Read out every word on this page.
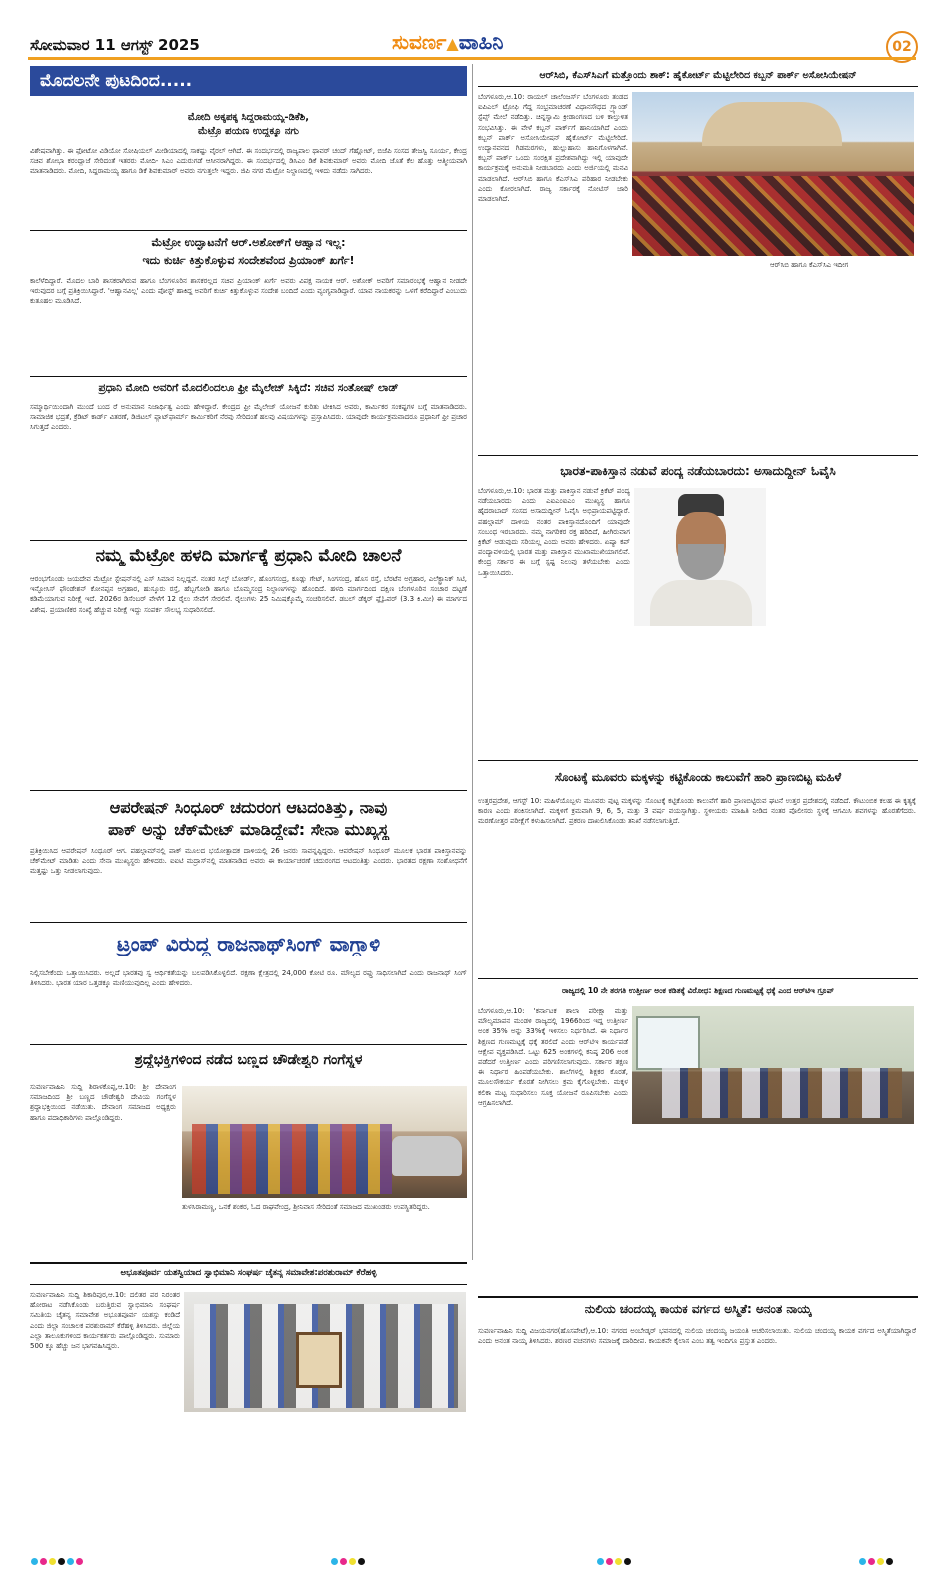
ಸೋಮವಾರ 11 ಆಗಸ್ಟ್ 2025	ಸುವರ್ಣ▲ವಾಹಿನಿ	02
ಮೊದಲನೇ ಪುಟದಿಂದ.....
ಮೋದಿ ಅಕ್ಕಪಕ್ಕ ಸಿದ್ದರಾಮಯ್ಯ-ಡಿಕೆಶಿ,
ಮೆಟ್ರೊ ಪಯಣ ಉದ್ದಕ್ಕೂ ನಗು
ವಿಶೇಷವಾಗಿತ್ತು. ಈ ಫೋಟೋ ವಿಡಿಯೋ ಸೋಷಿಯಲ್ ಮೀಡಿಯಾದಲ್ಲಿ ಸಾಕಷ್ಟು ವೈರಲ್ ಆಗಿದೆ. ಈ ಸಂದರ್ಭದಲ್ಲಿ ರಾಜ್ಯಪಾಲ ಥಾವರ್ ಚಂದ್ ಗೆಹ್ಲೋಟ್, ಬಿಜೆಪಿ ಸಂಸದ ತೇಜಸ್ವಿ ಸೂರ್ಯ, ಕೇಂದ್ರ ಸಚಿವ ಶೋಭಾ ಕರಂದ್ಲಾಜೆ ಸೇರಿದಂತೆ ಇತರರು ಮೋದಿ- ಸಿಎಂ ಎದುರುಗಡೆ ಆಸೀನರಾಗಿದ್ದರು. ಈ ಸಂದರ್ಭದಲ್ಲಿ ಡಿಸಿಎಂ ಡಿಕೆ ಶಿವಕುಮಾರ್ ಅವರು ಮೋದಿ ಜೊತೆ ಕೆಲ ಹೊತ್ತು ಆತ್ಮೀಯವಾಗಿ ಮಾತನಾಡಿದರು. ಮೋದಿ, ಸಿದ್ದರಾಮಯ್ಯ ಹಾಗೂ ಡಿಕೆ ಶಿವಕುಮಾರ್ ಅವರು ನಗುತ್ತಲೇ ಇದ್ದರು. ಜಿಪಿ ನಗರ ಮೆಟ್ರೋ ನಿಲ್ದಾಣದಲ್ಲಿ ಇಳಿದು ನಡೆದು ಸಾಗಿದರು.
ಮೆಟ್ರೋ ಉದ್ಘಾಟನೆಗೆ ಆರ್.ಅಶೋಕ್‌ಗೆ ಆಹ್ವಾನ ಇಲ್ಲ:
ಇದು ಕುರ್ಚಿ ಕಿತ್ತುಕೊಳ್ಳುವ ಸಂದೇಶವೆಂದ ಪ್ರಿಯಾಂಕ್ ಖರ್ಗೆ!
ಕಾಲೆಳೆದಿದ್ದಾರೆ. ಮೊದಲ ಬಾರಿ ಶಾಸಕರಾಗಿರುವ ಹಾಗೂ ಬೆಂಗಳೂರಿನ ಶಾಸಕರಲ್ಲದ ಸಚಿವ ಪ್ರಿಯಾಂಕ್ ಖರ್ಗೆ ಅವರು ವಿಪಕ್ಷ ನಾಯಕ ಆರ್. ಅಶೋಕ್ ಅವರಿಗೆ ಸಮಾರಂಭಕ್ಕೆ ಆಹ್ವಾನ ನೀಡದೇ ಇರುವುದರ ಬಗ್ಗೆ ಪ್ರತಿಕ್ರಿಯಿಸಿದ್ದಾರೆ. 'ಆಹ್ವಾನವಿಲ್ಲ' ಎಂದು ಪೋಸ್ಟ್ ಹಾಕಿದ್ದ ಅವರಿಗೆ ಕುರ್ಚಿ ಕಿತ್ತುಕೊಳ್ಳುವ ಸಂದೇಶ ಬಂದಿದೆ ಎಂದು ವ್ಯಂಗ್ಯವಾಡಿದ್ದಾರೆ. ಯಾವ ನಾಯಕರನ್ನು ಒಳಗೆ ಕರೆದಿದ್ದಾರೆ ಎಂಬುದು ಕುತೂಹಲ ಮೂಡಿಸಿದೆ.
ಪ್ರಧಾನಿ ಮೋದಿ ಅವರಿಗೆ ಮೊದಲಿಂದಲೂ ಫ್ರೀ ಮೈಲೇಜ್ ಸಿಕ್ಕಿದೆ: ಸಚಿವ ಸಂತೋಷ್ ಲಾಡ್
ಸಮ್ಮಾರ್ಥಿಯಿಂದಾಗಿ ಮುಂದೆ ಬಂದ ರೆ ಅನುಮಾನ ನಿಜಾರ್ಥಿತ್ವ ಎಂದು ಹೇಳಿದ್ದಾರೆ. ಕೇಂದ್ರದ ಫ್ರೀ ಮೈಲೇಜ್ ಯೋಜನೆ ಕುರಿತು ಟೀಕಿಸಿದ ಅವರು, ಕಾರ್ಮಿಕರ ಸಂಕಷ್ಟಗಳ ಬಗ್ಗೆ ಮಾತನಾಡಿದರು. ಸಾಮಾಜಿಕ ಭದ್ರತೆ, ಕ್ರೆಡಿಟ್ ಕಾರ್ಡ್ ವಿತರಣೆ, ಡಿಜಿಟಲ್ ಪ್ಲಾಟ್‌ಫಾರ್ಮ್ ಕಾರ್ಮಿಕರಿಗೆ ನೆರವು ಸೇರಿದಂತೆ ಹಲವು ವಿಷಯಗಳನ್ನು ಪ್ರಸ್ತಾಪಿಸಿದರು. ಯಾವುದೇ ಕಾರ್ಯಕ್ರಮವಾದರೂ ಪ್ರಧಾನಿಗೆ ಫ್ರೀ ಪ್ರಚಾರ ಸಿಗುತ್ತದೆ ಎಂದರು.
ನಮ್ಮ ಮೆಟ್ರೋ ಹಳದಿ ಮಾರ್ಗಕ್ಕೆ ಪ್ರಧಾನಿ ಮೋದಿ ಚಾಲನೆ
ಆರಂಭಗೊಂಡು ಜಯದೇವ ಮೆಟ್ರೋ ಸ್ಟೇಷನ್‌ನಲ್ಲಿ ಎಸ್ ಸಿಮಾನ ನಿಲ್ಲದ್ದವೆ. ನಂತರ ಸಿಲ್ಕ್ ಬೋರ್ಡ್, ಹೊಂಗಸಂದ್ರ, ಕೂಡ್ಲು ಗೇಟ್, ಸಿಂಗಸಂದ್ರ, ಹೊಸ ರಸ್ತೆ, ಬೆರಟೆನ ಅಗ್ರಹಾರ, ಎಲೆಕ್ಟ್ರಾನಿಕ್ ಸಿಟಿ, ಇನ್ಫೋಸಿಸ್ ಫೌಂಡೇಶನ್ ಕೋನಪ್ಪನ ಅಗ್ರಹಾರ, ಹುಸ್ಕೂರು ರಸ್ತೆ, ಹೆಬ್ಬಗೋಡಿ ಹಾಗೂ ಬೊಮ್ಮಸಂದ್ರ ನಿಲ್ದಾಣಗಳನ್ನು ಹೊಂದಿದೆ. ಹಳದಿ ಮಾರ್ಗದಿಂದ ದಕ್ಷಿಣ ಬೆಂಗಳೂರಿನ ಸಂಚಾರ ದಟ್ಟಣೆ ಕಡಿಮೆಯಾಗುವ ನಿರೀಕ್ಷೆ ಇದೆ. 2026ರ ಡಿಸೆಂಬರ್ ವೇಳೆಗೆ 12 ರೈಲು ಸೇವೆಗೆ ಸೇರಲಿವೆ. ರೈಲುಗಳು 25 ನಿಮಿಷಕ್ಕೊಮ್ಮೆ ಸಂಚರಿಸಲಿವೆ. ಡಬಲ್ ಡೆಕ್ಕರ್ ಫ್ಲೈಓವರ್ (3.3 ಕಿ.ಮೀ) ಈ ಮಾರ್ಗದ ವಿಶೇಷ. ಪ್ರಯಾಣಿಕರ ಸಂಖ್ಯೆ ಹೆಚ್ಚುವ ನಿರೀಕ್ಷೆ ಇದ್ದು ಸಂಪರ್ಕ ಸೌಲಭ್ಯ ಸುಧಾರಿಸಲಿದೆ.
ಆಪರೇಷನ್ ಸಿಂಧೂರ್ ಚದುರಂಗ ಆಟದಂತಿತ್ತು, ನಾವು
ಪಾಕ್ ಅನ್ನು ಚೆಕ್‌ಮೇಟ್ ಮಾಡಿದ್ದೇವೆ: ಸೇನಾ ಮುಖ್ಯಸ್ಥ
ಪ್ರತಿಕ್ರಿಯಿಸಿದ ಆಪರೇಷನ್ ಸಿಂಧೂರ್ ಆಗ. ಪಹಲ್ಗಾಮ್‌ನಲ್ಲಿ ಪಾಕ್ ಮೂಲದ ಭಯೋತ್ಪಾದಕ ದಾಳಿಯಲ್ಲಿ 26 ಜನರು ಸಾವನ್ನಪ್ಪಿದ್ದರು. ಆಪರೇಷನ್ ಸಿಂಧೂರ್ ಮೂಲಕ ಭಾರತ ಪಾಕಿಸ್ತಾನವನ್ನು ಚೆಕ್‌ಮೇಟ್ ಮಾಡಿತು ಎಂದು ಸೇನಾ ಮುಖ್ಯಸ್ಥರು ಹೇಳಿದರು. ಐಐಟಿ ಮದ್ರಾಸ್‌ನಲ್ಲಿ ಮಾತನಾಡಿದ ಅವರು ಈ ಕಾರ್ಯಾಚರಣೆ ಚದುರಂಗದ ಆಟದಂತಿತ್ತು ಎಂದರು. ಭಾರತದ ರಕ್ಷಣಾ ಸಂಶೋಧನೆಗೆ ಮತ್ತಷ್ಟು ಒತ್ತು ನೀಡಲಾಗುವುದು.
ಟ್ರಂಪ್ ವಿರುದ್ಧ ರಾಜನಾಥ್‌ಸಿಂಗ್ ವಾಗ್ದಾಳಿ
ನಿಲ್ಲಿಸಬೇಕೆಂದು ಒತ್ತಾಯಿಸಿದರು. ಅಲ್ಲದೆ ಭಾರತವು ಸ್ವ ಆರ್ಥಿಕತೆಯನ್ನು ಬಲಪಡಿಸಿಕೊಳ್ಳಲಿದೆ. ರಕ್ಷಣಾ ಕ್ಷೇತ್ರದಲ್ಲಿ 24,000 ಕೋಟಿ ರೂ. ಮೌಲ್ಯದ ರಫ್ತು ಸಾಧಿಸಲಾಗಿದೆ ಎಂದು ರಾಜನಾಥ್ ಸಿಂಗ್ ತಿಳಿಸಿದರು. ಭಾರತ ಯಾರ ಒತ್ತಡಕ್ಕೂ ಮಣಿಯುವುದಿಲ್ಲ ಎಂದು ಹೇಳಿದರು.
ಶ್ರದ್ಧೆಭಕ್ತಿಗಳಿಂದ ನಡೆದ ಬಣ್ಣದ ಚೌಡೇಶ್ವರಿ ಗಂಗೆಸ್ನಳ
ಸುವರ್ಣವಾಹಿನಿ ಸುದ್ದಿ ಶಿರಾಳಕೊಪ್ಪ,ಆ.10: ಶ್ರೀ ದೇವಾಂಗ ಸಮಾಜದಿಂದ ಶ್ರೀ ಬಣ್ಣದ ಚೌಡೇಶ್ವರಿ ದೇವಿಯ ಗಂಗೆಸ್ನಳ ಶ್ರದ್ಧಾಭಕ್ತಿಯಿಂದ ನಡೆಯಿತು. ದೇವಾಂಗ ಸಮಾಜದ ಅಧ್ಯಕ್ಷರು ಹಾಗೂ ಪದಾಧಿಕಾರಿಗಳು ಪಾಲ್ಗೊಂಡಿದ್ದರು.
ತುಳಸಿರಾಮಣ್ಣ, ಒನಕೆ ಶಂಕರ, ಓದ ರಾಘವೇಂದ್ರ, ಶ್ರೀನಿವಾಸ ಸೇರಿದಂತೆ ಸಮಾಜದ ಮುಖಂಡರು ಉಪಸ್ಥಿತರಿದ್ದರು.
ಆರ್‌ಸಿಬಿ, ಕೆಎಸ್‌ಸಿಎಗೆ ಮತ್ತೊಂದು ಶಾಕ್: ಹೈಕೋರ್ಟ್ ಮೆಟ್ಟಿಲೇರಿದ ಕಬ್ಬನ್ ಪಾರ್ಕ್ ಅಸೋಸಿಯೇಷನ್
ಬೆಂಗಳೂರು,ಆ.10: ರಾಯಲ್ ಚಾಲೆಂಜರ್ಸ್ ಬೆಂಗಳೂರು ತಂಡದ ಐಪಿಎಲ್ ಟ್ರೋಫಿ ಗೆದ್ದ ಸಂಭ್ರಮಾಚರಣೆ ವಿಧಾನಸೌಧದ ಗ್ರ್ಯಾಂಡ್ ಸ್ಟೆಪ್ಸ್ ಮೇಲೆ ನಡೆದಿತ್ತು. ಚಿನ್ನಸ್ವಾಮಿ ಕ್ರೀಡಾಂಗಣದ ಬಳಿ ಕಾಲ್ತುಳಿತ ಸಂಭವಿಸಿತ್ತು. ಈ ವೇಳೆ ಕಬ್ಬನ್ ಪಾರ್ಕ್‌ಗೆ ಹಾನಿಯಾಗಿದೆ ಎಂದು ಕಬ್ಬನ್ ಪಾರ್ಕ್ ಅಸೋಸಿಯೇಷನ್ ಹೈಕೋರ್ಟ್ ಮೆಟ್ಟಿಲೇರಿದೆ. ಉದ್ಯಾನವನದ ಗಿಡಮರಗಳು, ಹುಲ್ಲುಹಾಸು ಹಾನಿಗೊಳಗಾಗಿವೆ. ಕಬ್ಬನ್ ಪಾರ್ಕ್ ಒಂದು ಸಂರಕ್ಷಿತ ಪ್ರದೇಶವಾಗಿದ್ದು ಇಲ್ಲಿ ಯಾವುದೇ ಕಾರ್ಯಕ್ರಮಕ್ಕೆ ಅನುಮತಿ ನೀಡಬಾರದು ಎಂದು ಅರ್ಜಿಯಲ್ಲಿ ಮನವಿ ಮಾಡಲಾಗಿದೆ. ಆರ್‌ಸಿಬಿ ಹಾಗೂ ಕೆಎಸ್‌ಸಿಎ ಪರಿಹಾರ ನೀಡಬೇಕು ಎಂದು ಕೋರಲಾಗಿದೆ. ರಾಜ್ಯ ಸರ್ಕಾರಕ್ಕೆ ನೋಟಿಸ್ ಜಾರಿ ಮಾಡಲಾಗಿದೆ.
ಆರ್‌ಸಿಬಿ ಹಾಗೂ ಕೆಎಸ್‌ಸಿಎ ಇದೀಗ
ಭಾರತ-ಪಾಕಿಸ್ತಾನ ನಡುವೆ ಪಂದ್ಯ ನಡೆಯಬಾರದು: ಅಸಾದುದ್ದೀನ್ ಓವೈಸಿ
ಬೆಂಗಳೂರು,ಆ.10: ಭಾರತ ಮತ್ತು ಪಾಕಿಸ್ತಾನ ನಡುವೆ ಕ್ರಿಕೆಟ್ ಪಂದ್ಯ ನಡೆಯಬಾರದು ಎಂದು ಎಐಎಂಐಎಂ ಮುಖ್ಯಸ್ಥ ಹಾಗೂ ಹೈದರಾಬಾದ್ ಸಂಸದ ಅಸಾದುದ್ದೀನ್ ಓವೈಸಿ ಅಭಿಪ್ರಾಯಪಟ್ಟಿದ್ದಾರೆ. ಪಹಲ್ಗಾಮ್ ದಾಳಿಯ ನಂತರ ಪಾಕಿಸ್ತಾನದೊಂದಿಗೆ ಯಾವುದೇ ಸಂಬಂಧ ಇರಬಾರದು. ನಮ್ಮ ನಾಗರಿಕರ ರಕ್ತ ಹರಿದಿದೆ, ಹೀಗಿರುವಾಗ ಕ್ರಿಕೆಟ್ ಆಡುವುದು ಸರಿಯಲ್ಲ ಎಂದು ಅವರು ಹೇಳಿದರು. ಏಷ್ಯಾ ಕಪ್ ಪಂದ್ಯಾವಳಿಯಲ್ಲಿ ಭಾರತ ಮತ್ತು ಪಾಕಿಸ್ತಾನ ಮುಖಾಮುಖಿಯಾಗಲಿವೆ. ಕೇಂದ್ರ ಸರ್ಕಾರ ಈ ಬಗ್ಗೆ ಸ್ಪಷ್ಟ ನಿಲುವು ತಳೆಯಬೇಕು ಎಂದು ಒತ್ತಾಯಿಸಿದರು.
ಸೊಂಟಕ್ಕೆ ಮೂವರು ಮಕ್ಕಳನ್ನು ಕಟ್ಟಿಕೊಂಡು ಕಾಲುವೆಗೆ ಹಾರಿ ಪ್ರಾಣಬಿಟ್ಟ ಮಹಿಳೆ
ಉತ್ತರಪ್ರದೇಶ, ಆಗಸ್ಟ್ 10: ಮಹಿಳೆಯೊಬ್ಬಳು ಮೂವರು ಪುಟ್ಟ ಮಕ್ಕಳನ್ನು ಸೊಂಟಕ್ಕೆ ಕಟ್ಟಿಕೊಂಡು ಕಾಲುವೆಗೆ ಹಾರಿ ಪ್ರಾಣಬಿಟ್ಟಿರುವ ಘಟನೆ ಉತ್ತರ ಪ್ರದೇಶದಲ್ಲಿ ನಡೆದಿದೆ. ಕೌಟುಂಬಿಕ ಕಲಹ ಈ ಕೃತ್ಯಕ್ಕೆ ಕಾರಣ ಎಂದು ಶಂಕಿಸಲಾಗಿದೆ. ಮಕ್ಕಳಿಗೆ ಕ್ರಮವಾಗಿ 9, 6, 5, ಮತ್ತು 3 ವರ್ಷ ವಯಸ್ಸಾಗಿತ್ತು. ಸ್ಥಳೀಯರು ಮಾಹಿತಿ ನೀಡಿದ ನಂತರ ಪೊಲೀಸರು ಸ್ಥಳಕ್ಕೆ ಆಗಮಿಸಿ ಶವಗಳನ್ನು ಹೊರತೆಗೆದರು. ಮರಣೋತ್ತರ ಪರೀಕ್ಷೆಗೆ ಕಳುಹಿಸಲಾಗಿದೆ. ಪ್ರಕರಣ ದಾಖಲಿಸಿಕೊಂಡು ತನಿಖೆ ನಡೆಸಲಾಗುತ್ತಿದೆ.
ರಾಜ್ಯದಲ್ಲಿ 10 ನೇ ತರಗತಿ ಉತ್ತೀರ್ಣ ಅಂಕ ಕಡಿತಕ್ಕೆ ವಿರೋಧ: ಶಿಕ್ಷಣದ ಗುಣಮಟ್ಟಕ್ಕೆ ಧಕ್ಕೆ ಎಂದ ಆರ್‌ಟಿಇ ಗ್ರೂಪ್
ಬೆಂಗಳೂರು,ಆ.10: 'ಕರ್ನಾಟಕ ಶಾಲಾ ಪರೀಕ್ಷಾ ಮತ್ತು ಮೌಲ್ಯಮಾಪನ ಮಂಡಳಿ ರಾಜ್ಯದಲ್ಲಿ 1966ರಿಂದ ಇದ್ದ ಉತ್ತೀರ್ಣ ಅಂಕ 35% ಅನ್ನು 33%ಕ್ಕೆ ಇಳಿಸಲು ನಿರ್ಧರಿಸಿದೆ. ಈ ನಿರ್ಧಾರ ಶಿಕ್ಷಣದ ಗುಣಮಟ್ಟಕ್ಕೆ ಧಕ್ಕೆ ತರಲಿದೆ ಎಂದು ಆರ್‌ಟಿಇ ಕಾರ್ಯಪಡೆ ಆಕ್ಷೇಪ ವ್ಯಕ್ತಪಡಿಸಿದೆ. ಒಟ್ಟು 625 ಅಂಕಗಳಲ್ಲಿ ಕನಿಷ್ಠ 206 ಅಂಕ ಪಡೆದರೆ ಉತ್ತೀರ್ಣ ಎಂದು ಪರಿಗಣಿಸಲಾಗುವುದು. ಸರ್ಕಾರ ತಕ್ಷಣ ಈ ನಿರ್ಧಾರ ಹಿಂಪಡೆಯಬೇಕು. ಶಾಲೆಗಳಲ್ಲಿ ಶಿಕ್ಷಕರ ಕೊರತೆ, ಮೂಲಸೌಕರ್ಯ ಕೊರತೆ ನೀಗಿಸಲು ಕ್ರಮ ಕೈಗೊಳ್ಳಬೇಕು. ಮಕ್ಕಳ ಕಲಿಕಾ ಮಟ್ಟ ಸುಧಾರಿಸಲು ಸೂಕ್ತ ಯೋಜನೆ ರೂಪಿಸಬೇಕು ಎಂದು ಆಗ್ರಹಿಸಲಾಗಿದೆ.
ಅಭೂತಪೂರ್ವ ಯಶಸ್ವಿಯಾದ ಸ್ವಾಭಿಮಾನಿ ಸಂಘರ್ಷ ಚೈತನ್ಯ ಸಮಾವೇಶ:ಪರಶುರಾಮ್ ಕೆರೆಹಳ್ಳಿ
ಸುವರ್ಣವಾಹಿನಿ ಸುದ್ದಿ ಶಿಕಾರಿಪುರ,ಆ.10: ದಲಿತರ ಪರ ನಿರಂತರ ಹೋರಾಟ ನಡೆಸಿಕೊಂಡು ಬರುತ್ತಿರುವ ಸ್ವಾಭಿಮಾನಿ ಸಂಘರ್ಷ ಸಮಿತಿಯ ಚೈತನ್ಯ ಸಮಾವೇಶ ಅಭೂತಪೂರ್ವ ಯಶಸ್ಸು ಕಂಡಿದೆ ಎಂದು ಜಿಲ್ಲಾ ಸಂಚಾಲಕ ಪರಶುರಾಮ್ ಕೆರೆಹಳ್ಳಿ ತಿಳಿಸಿದರು. ಜಿಲ್ಲೆಯ ಎಲ್ಲಾ ತಾಲೂಕುಗಳಿಂದ ಕಾರ್ಯಕರ್ತರು ಪಾಲ್ಗೊಂಡಿದ್ದರು. ಸುಮಾರು 500 ಕ್ಕೂ ಹೆಚ್ಚು ಜನ ಭಾಗವಹಿಸಿದ್ದರು.
ನುಲಿಯ ಚಂದಯ್ಯ ಕಾಯಕ ವರ್ಗದ ಅಸ್ಮಿತೆ: ಅನಂತ ನಾಯ್ಕ
ಸುವರ್ಣವಾಹಿನಿ ಸುದ್ದಿ ವಿಜಯನಗರ(ಹೊಸಪೇಟೆ),ಆ.10: ನಗರದ ಅಂಬೇಡ್ಕರ್ ಭವನದಲ್ಲಿ ನುಲಿಯ ಚಂದಯ್ಯ ಜಯಂತಿ ಆಚರಿಸಲಾಯಿತು. ನುಲಿಯ ಚಂದಯ್ಯ ಕಾಯಕ ವರ್ಗದ ಅಸ್ಮಿತೆಯಾಗಿದ್ದಾರೆ ಎಂದು ಅನಂತ ನಾಯ್ಕ ತಿಳಿಸಿದರು. ಶರಣರ ವಚನಗಳು ಸಮಾಜಕ್ಕೆ ದಾರಿದೀಪ. ಕಾಯಕವೇ ಕೈಲಾಸ ಎಂಬ ತತ್ವ ಇಂದಿಗೂ ಪ್ರಸ್ತುತ ಎಂದರು.
